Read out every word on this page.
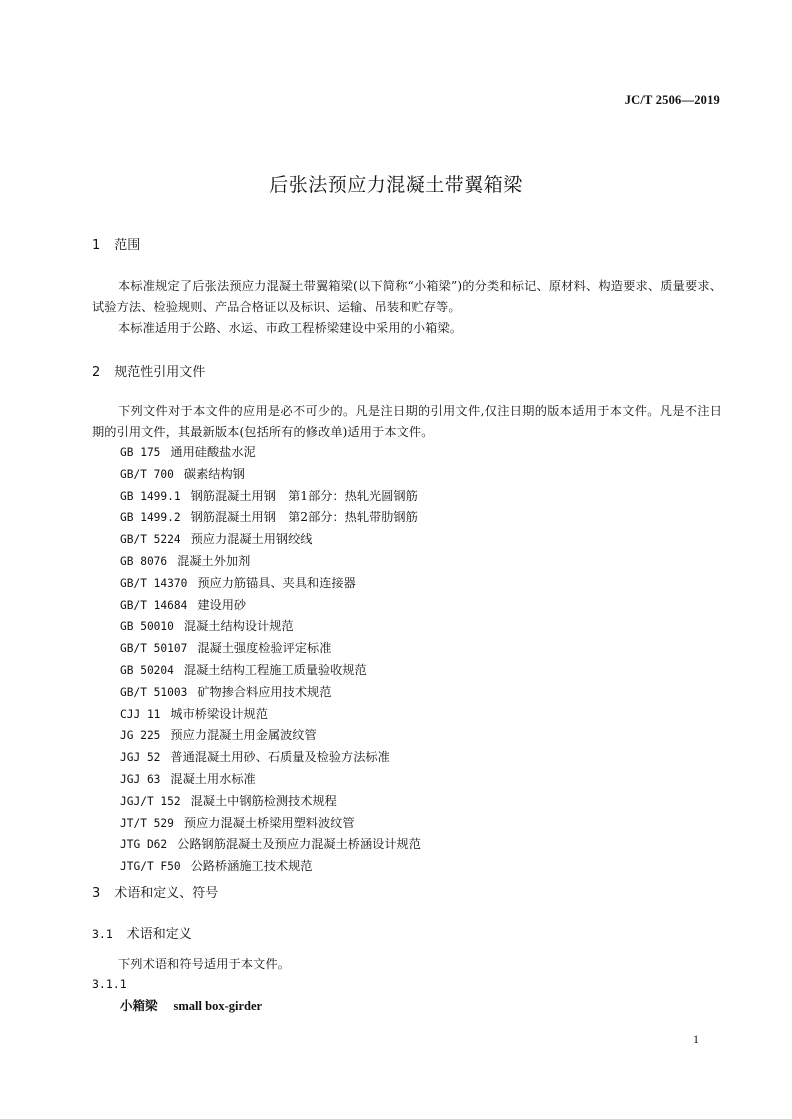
JC/T 2506—2019
后张法预应力混凝土带翼箱梁
1 范围
本标准规定了后张法预应力混凝土带翼箱梁(以下简称“小箱梁”)的分类和标记、原材料、构造要求、质量要求、试验方法、检验规则、产品合格证以及标识、运输、吊装和贮存等。
本标准适用于公路、水运、市政工程桥梁建设中采用的小箱梁。
2 规范性引用文件
下列文件对于本文件的应用是必不可少的。凡是注日期的引用文件,仅注日期的版本适用于本文件。凡是不注日期的引用文件，其最新版本(包括所有的修改单)适用于本文件。
GB 175 通用硅酸盐水泥
GB/T 700 碳素结构钢
GB 1499.1 钢筋混凝土用钢　第1部分：热轧光圆钢筋
GB 1499.2 钢筋混凝土用钢　第2部分：热轧带肋钢筋
GB/T 5224 预应力混凝土用钢绞线
GB 8076 混凝土外加剂
GB/T 14370 预应力筋锚具、夹具和连接器
GB/T 14684 建设用砂
GB 50010 混凝土结构设计规范
GB/T 50107 混凝土强度检验评定标准
GB 50204 混凝土结构工程施工质量验收规范
GB/T 51003 矿物掺合料应用技术规范
CJJ 11 城市桥梁设计规范
JG 225 预应力混凝土用金属波纹管
JGJ 52 普通混凝土用砂、石质量及检验方法标准
JGJ 63 混凝土用水标准
JGJ/T 152 混凝土中钢筋检测技术规程
JT/T 529 预应力混凝土桥梁用塑料波纹管
JTG D62 公路钢筋混凝土及预应力混凝土桥涵设计规范
JTG/T F50 公路桥涵施工技术规范
3 术语和定义、符号
3.1 术语和定义
下列术语和符号适用于本文件。
3.1.1
小箱梁 small box-girder
1
